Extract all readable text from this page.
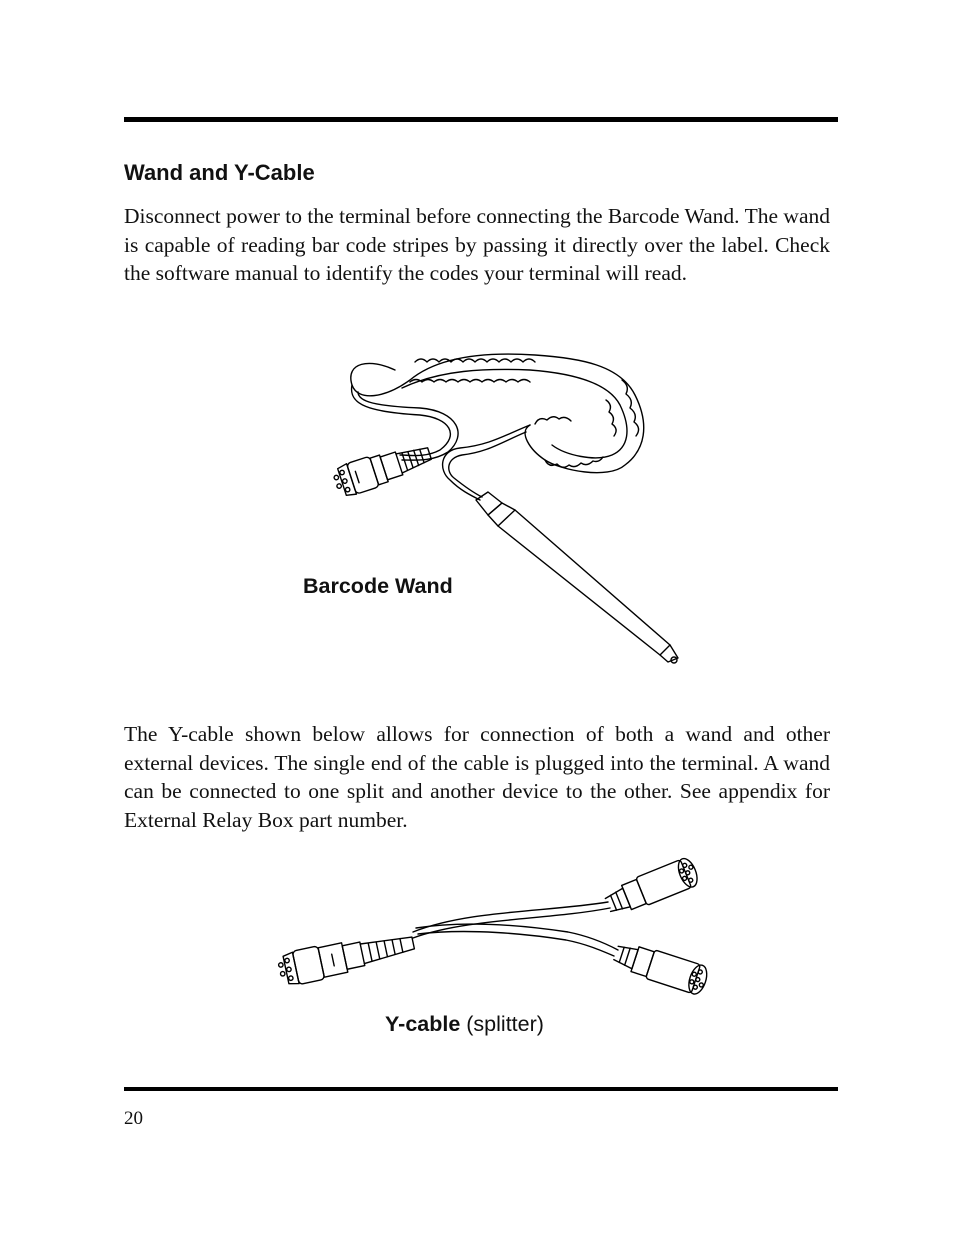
Wand and Y-Cable
Disconnect power to the terminal before connecting the Barcode Wand. The wand is capable of reading bar code stripes by passing it directly over the label. Check the software manual to identify the codes your terminal will read.
Barcode Wand
The Y-cable shown below allows for connection of both a wand and other external devices. The single end of the cable is plugged into the terminal. A wand can be connected to one split and another device to the other. See appendix for External Relay Box part number.
Y-cable (splitter)
20
